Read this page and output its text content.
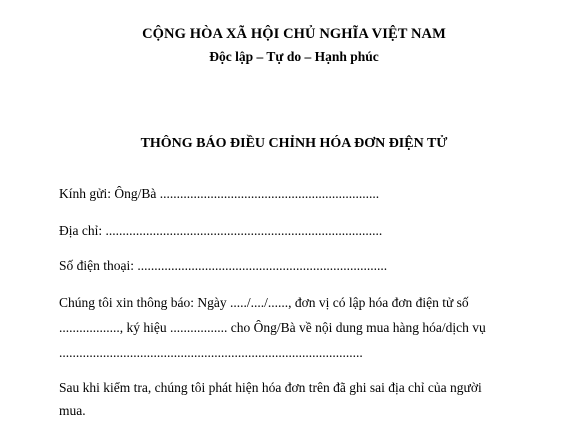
CỘNG HÒA XÃ HỘI CHỦ NGHĨA VIỆT NAM
Độc lập – Tự do – Hạnh phúc
THÔNG BÁO ĐIỀU CHỈNH HÓA ĐƠN ĐIỆN TỬ
Kính gửi: Ông/Bà .................................................................
Địa chỉ: ..................................................................................
Số điện thoại: ..........................................................................
Chúng tôi xin thông báo: Ngày ...../..../......, đơn vị có lập hóa đơn điện tử số
.................., ký hiệu ................. cho Ông/Bà về nội dung mua hàng hóa/dịch vụ
..........................................................................................
Sau khi kiểm tra, chúng tôi phát hiện hóa đơn trên đã ghi sai địa chỉ của người
mua.
